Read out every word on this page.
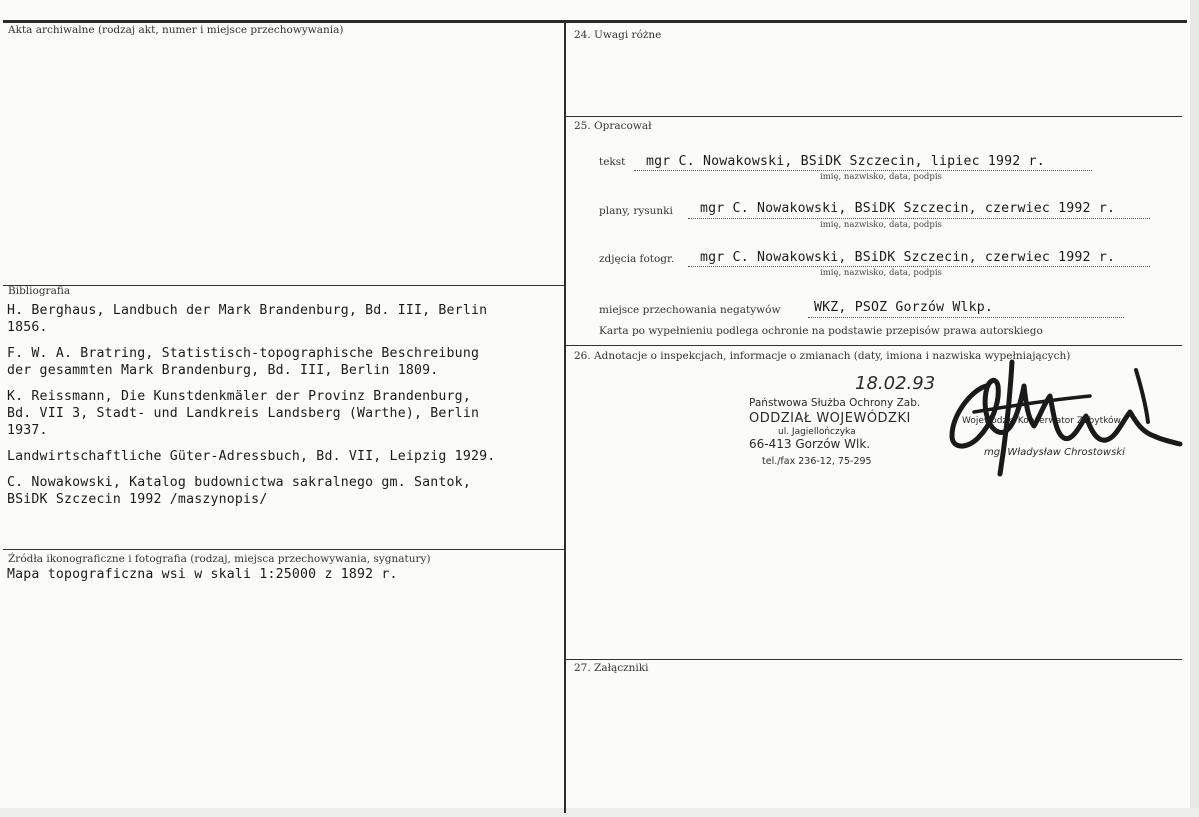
Akta archiwalne (rodzaj akt, numer i miejsce przechowywania)
Bibliografia
H. Berghaus, Landbuch der Mark Brandenburg, Bd. III, Berlin
1856.
F. W. A. Bratring, Statistisch-topographische Beschreibung
der gesammten Mark Brandenburg, Bd. III, Berlin 1809.
K. Reissmann, Die Kunstdenkmäler der Provinz Brandenburg,
Bd. VII 3, Stadt- und Landkreis Landsberg (Warthe), Berlin
1937.
Landwirtschaftliche Güter-Adressbuch, Bd. VII, Leipzig 1929.
C. Nowakowski, Katalog budownictwa sakralnego gm. Santok,
BSiDK Szczecin 1992 /maszynopis/
Źródła ikonograficzne i fotografia (rodzaj, miejsca przechowywania, sygnatury)
Mapa topograficzna wsi w skali 1:25000 z 1892 r.
24. Uwagi różne
25. Opracował
tekst mgr C. Nowakowski, BSiDK Szczecin, lipiec 1992 r.
imię, nazwisko, data, podpis
plany, rysunki mgr C. Nowakowski, BSiDK Szczecin, czerwiec 1992 r.
imię, nazwisko, data, podpis
zdjęcia fotogr. mgr C. Nowakowski, BSiDK Szczecin, czerwiec 1992 r.
imię, nazwisko, data, podpis
miejsce przechowania negatywów	WKZ, PSOZ Gorzów Wlkp.
Karta po wypełnieniu podlega ochronie na podstawie przepisów prawa autorskiego
26. Adnotacje o inspekcjach, informacje o zmianach (daty, imiona i nazwiska wypełniających)
18.02.93
Państwowa Służba Ochrony Zab.
ODDZIAŁ WOJEWÓDZKI
ul. Jagiellończyka
66-413 Gorzów Wlk.
tel./fax 236-12, 75-295
Wojewódzki Konserwator Zabytków
mgr Władysław Chrostowski
27. Załączniki
